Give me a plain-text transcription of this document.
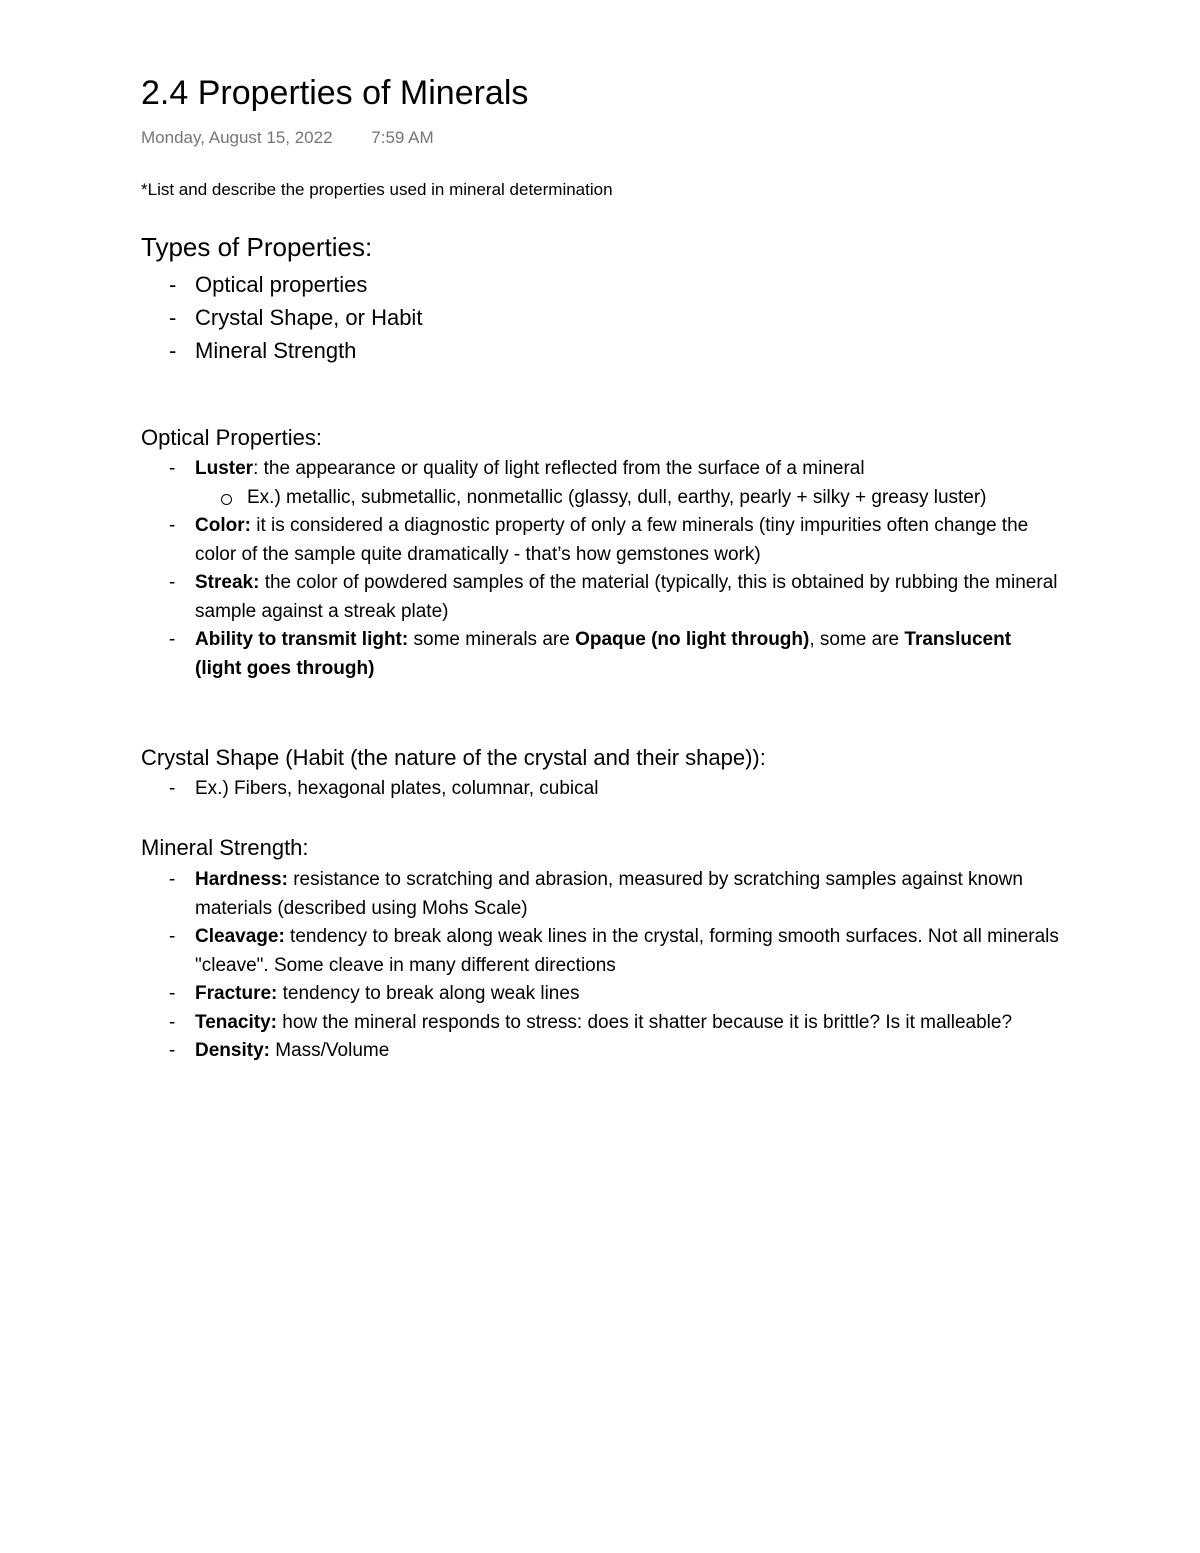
2.4 Properties of Minerals
Monday, August 15, 2022 7:59 AM
*List and describe the properties used in mineral determination
Types of Properties:
- Optical properties
- Crystal Shape, or Habit
- Mineral Strength
Optical Properties:
- Luster: the appearance or quality of light reflected from the surface of a mineral
Ex.) metallic, submetallic, nonmetallic (glassy, dull, earthy, pearly + silky + greasy luster)
- Color: it is considered a diagnostic property of only a few minerals (tiny impurities often change the color of the sample quite dramatically - that’s how gemstones work)
- Streak: the color of powdered samples of the material (typically, this is obtained by rubbing the mineral sample against a streak plate)
- Ability to transmit light: some minerals are Opaque (no light through), some are Translucent (light goes through)
Crystal Shape (Habit (the nature of the crystal and their shape)):
- Ex.) Fibers, hexagonal plates, columnar, cubical
Mineral Strength:
- Hardness: resistance to scratching and abrasion, measured by scratching samples against known materials (described using Mohs Scale)
- Cleavage: tendency to break along weak lines in the crystal, forming smooth surfaces. Not all minerals "cleave". Some cleave in many different directions
- Fracture: tendency to break along weak lines
- Tenacity: how the mineral responds to stress: does it shatter because it is brittle? Is it malleable?
- Density: Mass/Volume
